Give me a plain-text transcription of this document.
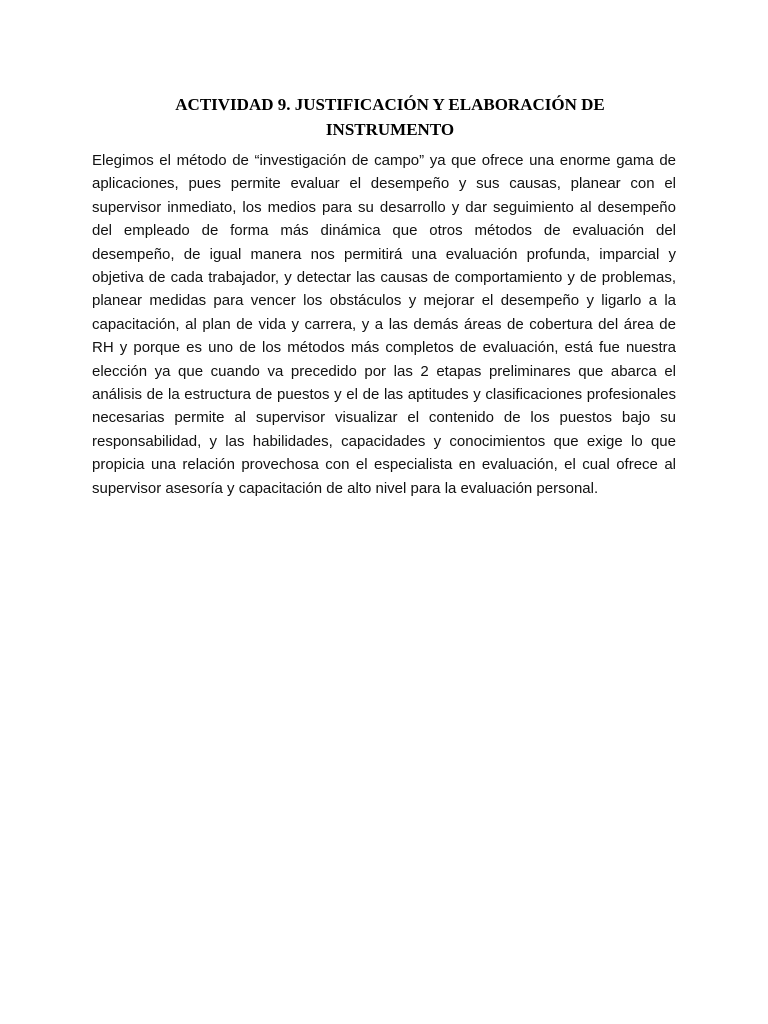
ACTIVIDAD 9. JUSTIFICACIÓN Y ELABORACIÓN DE
INSTRUMENTO

Elegimos el método de “investigación de campo” ya que ofrece una enorme gama de aplicaciones, pues permite evaluar el desempeño y sus causas, planear con el supervisor inmediato, los medios para su desarrollo y dar seguimiento al desempeño del empleado de forma más dinámica que otros métodos de evaluación del desempeño, de igual manera nos permitirá una evaluación profunda, imparcial y objetiva de cada trabajador, y detectar las causas de comportamiento y de problemas, planear medidas para vencer los obstáculos y mejorar el desempeño y ligarlo a la capacitación, al plan de vida y carrera, y a las demás áreas de cobertura del área de RH y porque es uno de los métodos más completos de evaluación, está fue nuestra elección ya que cuando va precedido por las 2 etapas preliminares que abarca el análisis de la estructura de puestos y el de las aptitudes y clasificaciones profesionales necesarias permite al supervisor visualizar el contenido de los puestos bajo su responsabilidad, y las habilidades, capacidades y conocimientos que exige lo que propicia una relación provechosa con el especialista en evaluación, el cual ofrece al supervisor asesoría y capacitación de alto nivel para la evaluación personal.
